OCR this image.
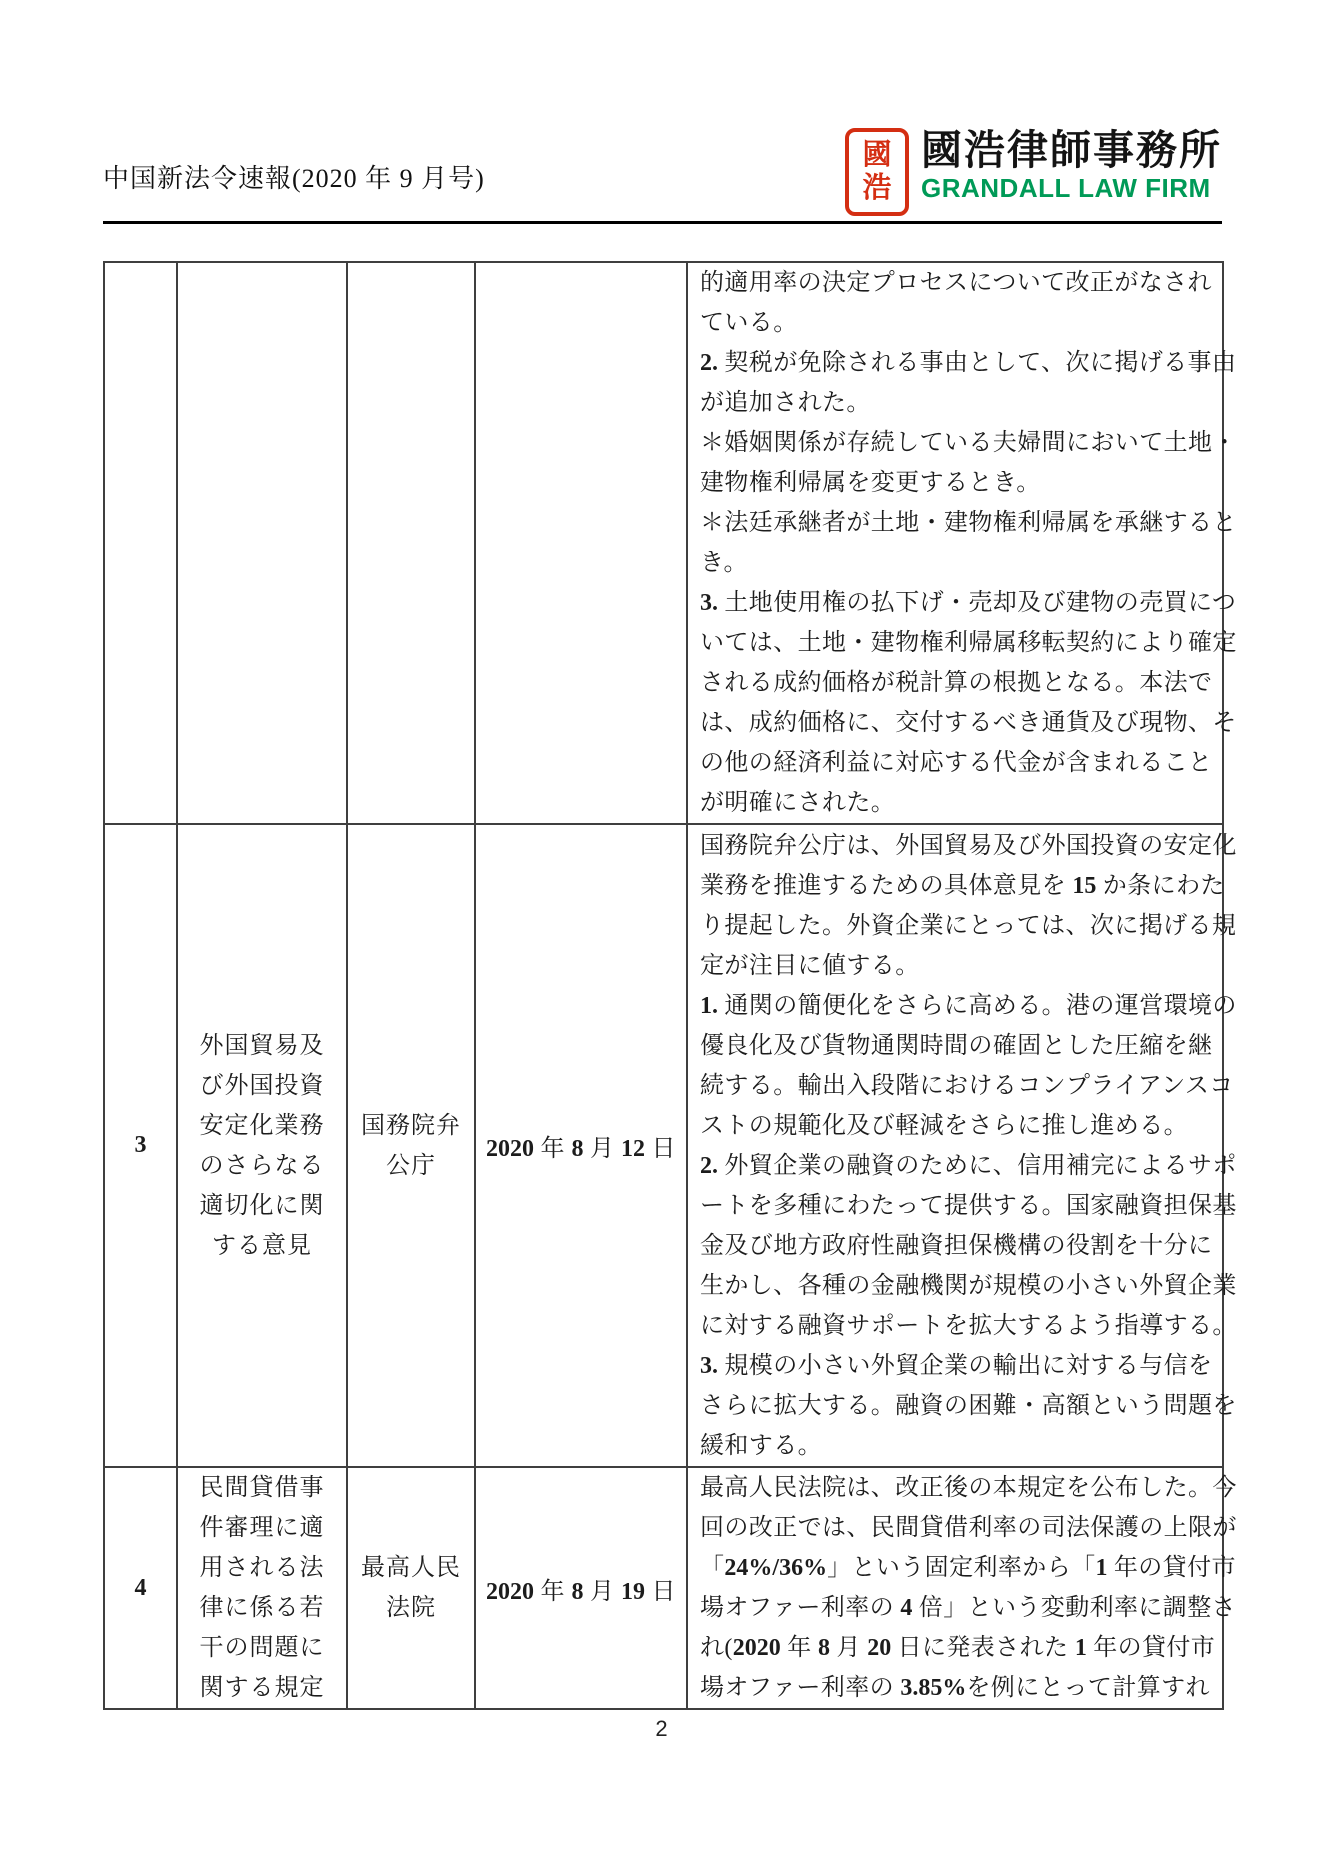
中国新法令速報(2020 年 9 月号)
國
浩
國浩律師事務所
GRANDALL LAW FIRM

的適用率の決定プロセスについて改正がなされ
ている。
2. 契税が免除される事由として、次に掲げる事由
が追加された。
＊婚姻関係が存続している夫婦間において土地・
建物権利帰属を変更するとき。
＊法廷承継者が土地・建物権利帰属を承継すると
き。
3. 土地使用権の払下げ・売却及び建物の売買につ
いては、土地・建物権利帰属移転契約により確定
される成約価格が税計算の根拠となる。本法で
は、成約価格に、交付するべき通貨及び現物、そ
の他の経済利益に対応する代金が含まれること
が明確にされた。

3	
外国貿易及
び外国投資
安定化業務
のさらなる
適切化に関
する意見

国務院弁
公庁
	2020 年 8 月 12 日	
国務院弁公庁は、外国貿易及び外国投資の安定化
業務を推進するための具体意見を 15 か条にわた
り提起した。外資企業にとっては、次に掲げる規
定が注目に値する。
1. 通関の簡便化をさらに高める。港の運営環境の
優良化及び貨物通関時間の確固とした圧縮を継
続する。輸出入段階におけるコンプライアンスコ
ストの規範化及び軽減をさらに推し進める。
2. 外貿企業の融資のために、信用補完によるサポ
ートを多種にわたって提供する。国家融資担保基
金及び地方政府性融資担保機構の役割を十分に
生かし、各種の金融機関が規模の小さい外貿企業
に対する融資サポートを拡大するよう指導する。
3. 規模の小さい外貿企業の輸出に対する与信を
さらに拡大する。融資の困難・高額という問題を
緩和する。

4	
民間貸借事
件審理に適
用される法
律に係る若
干の問題に
関する規定

最高人民
法院
	2020 年 8 月 19 日	
最高人民法院は、改正後の本規定を公布した。今
回の改正では、民間貸借利率の司法保護の上限が
「24%/36%」という固定利率から「1 年の貸付市
場オファー利率の 4 倍」という変動利率に調整さ
れ(2020 年 8 月 20 日に発表された 1 年の貸付市
場オファー利率の 3.85%を例にとって計算すれ
2
